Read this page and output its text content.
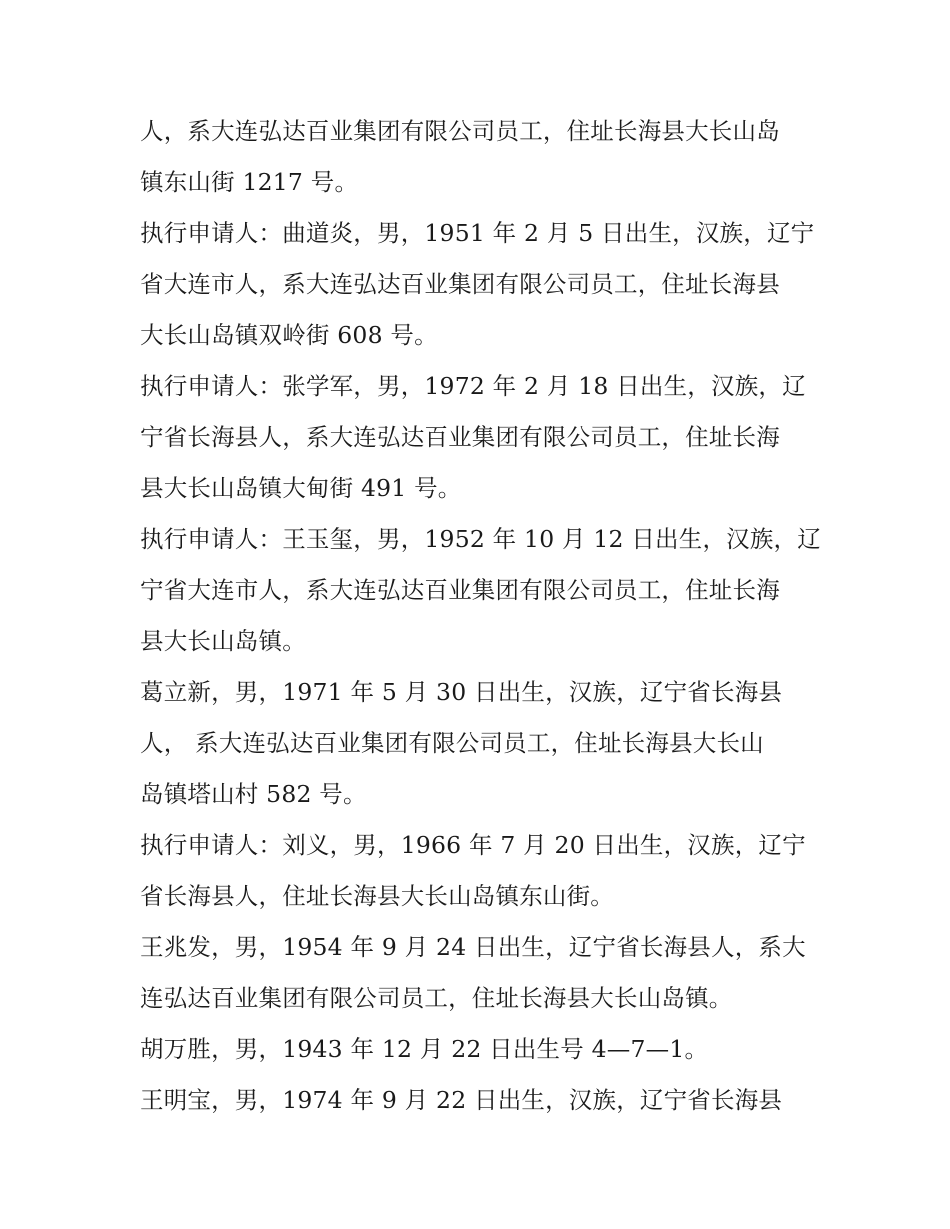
人，系大连弘达百业集团有限公司员工，住址长海县大长山岛
镇东山街 1217 号。
执行申请人：曲道炎，男，1951 年 2 月 5 日出生，汉族，辽宁
省大连市人，系大连弘达百业集团有限公司员工，住址长海县
大长山岛镇双岭街 608 号。
执行申请人：张学军，男，1972 年 2 月 18 日出生，汉族，辽
宁省长海县人，系大连弘达百业集团有限公司员工，住址长海
县大长山岛镇大甸街 491 号。
执行申请人：王玉玺，男，1952 年 10 月 12 日出生，汉族，辽
宁省大连市人，系大连弘达百业集团有限公司员工，住址长海
县大长山岛镇。
葛立新，男，1971 年 5 月 30 日出生，汉族，辽宁省长海县
人， 系大连弘达百业集团有限公司员工，住址长海县大长山
岛镇塔山村 582 号。
执行申请人：刘义，男，1966 年 7 月 20 日出生，汉族，辽宁
省长海县人，住址长海县大长山岛镇东山街。
王兆发，男，1954 年 9 月 24 日出生，辽宁省长海县人，系大
连弘达百业集团有限公司员工，住址长海县大长山岛镇。
胡万胜，男，1943 年 12 月 22 日出生号 4—7—1。
王明宝，男，1974 年 9 月 22 日出生，汉族，辽宁省长海县
